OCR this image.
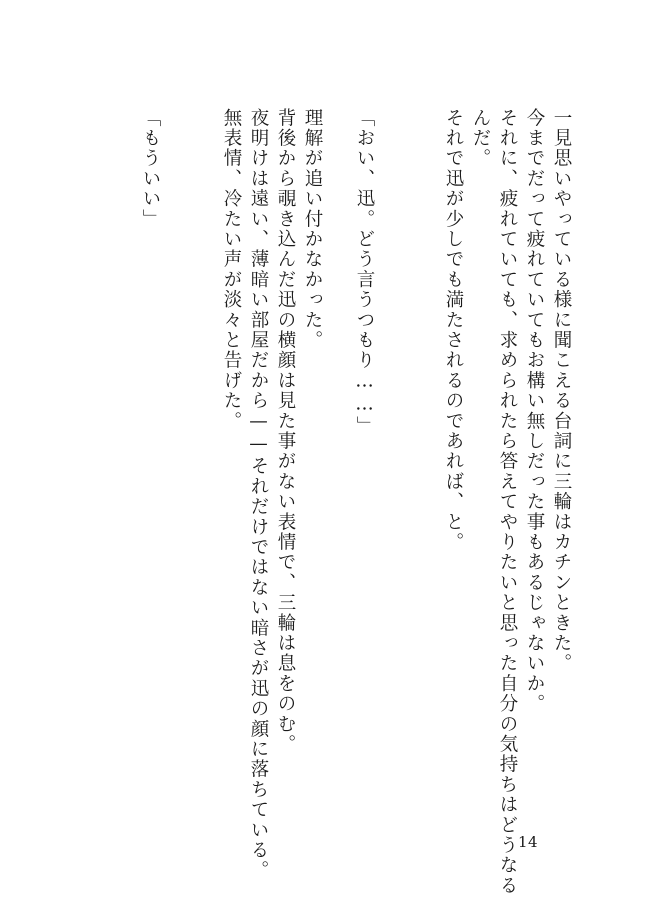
一見思いやっている様に聞こえる台詞に三輪はカチンときた。
今までだって疲れていてもお構い無しだった事もあるじゃないか。
それに、疲れていても、求められたら答えてやりたいと思った自分の気持ちはどうなる
んだ。
それで迅が少しでも満たされるのであれば、と。
「おい、迅。どう言うつもり……」
理解が追い付かなかった。
背後から覗き込んだ迅の横顔は見た事がない表情で、三輪は息をのむ。
夜明けは遠い、薄暗い部屋だから——それだけではない暗さが迅の顔に落ちている。
無表情、冷たい声が淡々と告げた。
「もういい」
14
